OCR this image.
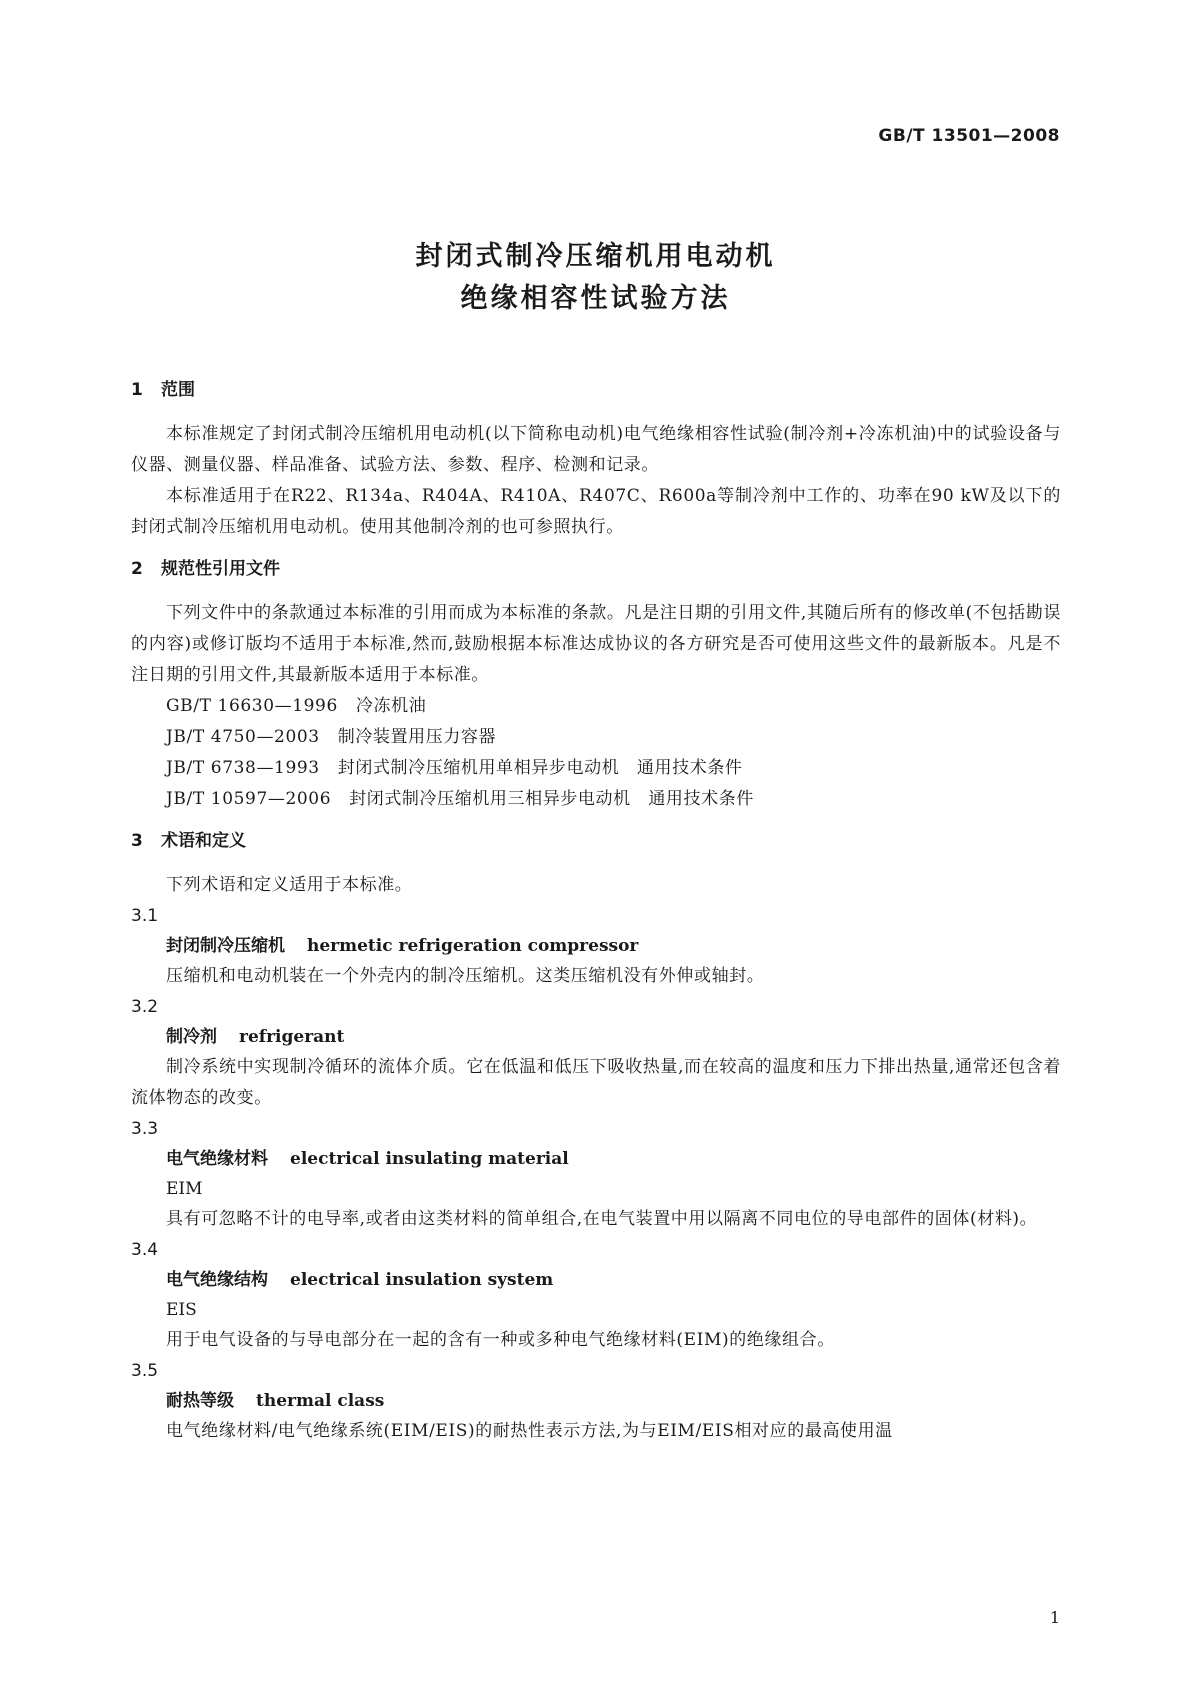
GB/T 13501—2008
封闭式制冷压缩机用电动机
绝缘相容性试验方法
1 范围
本标准规定了封闭式制冷压缩机用电动机(以下简称电动机)电气绝缘相容性试验(制冷剂+冷冻机油)中的试验设备与仪器、测量仪器、样品准备、试验方法、参数、程序、检测和记录。
本标准适用于在R22、R134a、R404A、R410A、R407C、R600a等制冷剂中工作的、功率在90 kW及以下的封闭式制冷压缩机用电动机。使用其他制冷剂的也可参照执行。
2 规范性引用文件
下列文件中的条款通过本标准的引用而成为本标准的条款。凡是注日期的引用文件,其随后所有的修改单(不包括勘误的内容)或修订版均不适用于本标准,然而,鼓励根据本标准达成协议的各方研究是否可使用这些文件的最新版本。凡是不注日期的引用文件,其最新版本适用于本标准。
GB/T 16630—1996 冷冻机油
JB/T 4750—2003 制冷装置用压力容器
JB/T 6738—1993 封闭式制冷压缩机用单相异步电动机　通用技术条件
JB/T 10597—2006 封闭式制冷压缩机用三相异步电动机　通用技术条件
3 术语和定义
下列术语和定义适用于本标准。
3.1
封闭制冷压缩机 hermetic refrigeration compressor
压缩机和电动机装在一个外壳内的制冷压缩机。这类压缩机没有外伸或轴封。
3.2
制冷剂 refrigerant
制冷系统中实现制冷循环的流体介质。它在低温和低压下吸收热量,而在较高的温度和压力下排出热量,通常还包含着流体物态的改变。
3.3
电气绝缘材料 electrical insulating material
EIM
具有可忽略不计的电导率,或者由这类材料的简单组合,在电气装置中用以隔离不同电位的导电部件的固体(材料)。
3.4
电气绝缘结构 electrical insulation system
EIS
用于电气设备的与导电部分在一起的含有一种或多种电气绝缘材料(EIM)的绝缘组合。
3.5
耐热等级 thermal class
电气绝缘材料/电气绝缘系统(EIM/EIS)的耐热性表示方法,为与EIM/EIS相对应的最高使用温
1
